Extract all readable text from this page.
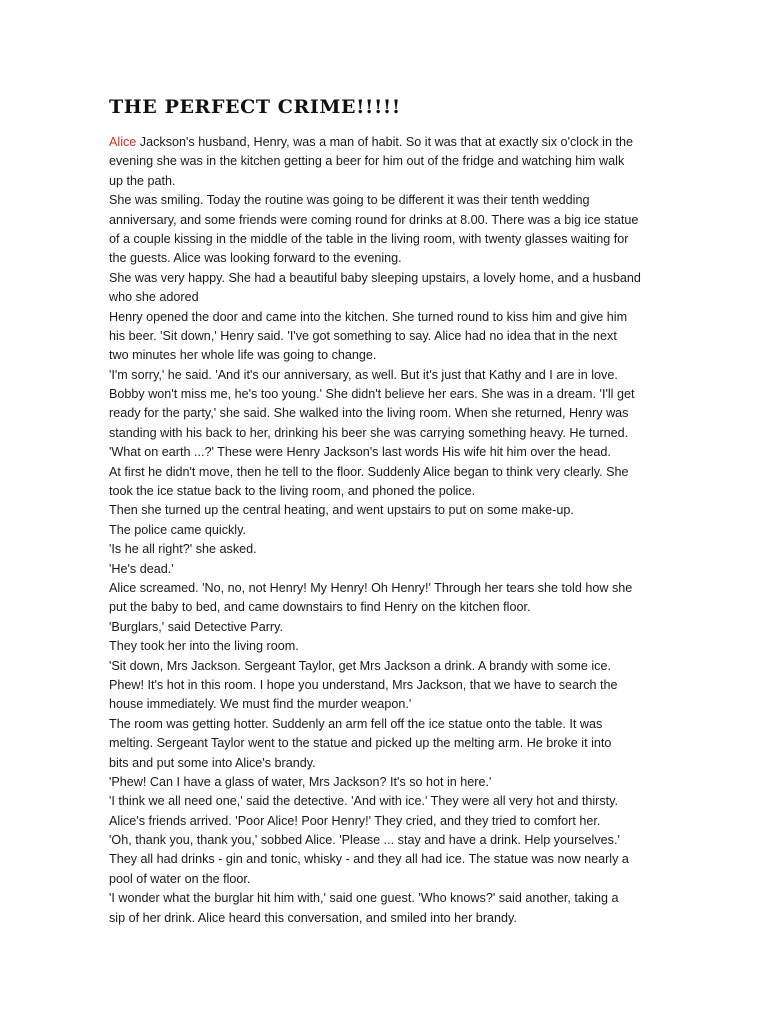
THE PERFECT CRIME!!!!!
Alice Jackson's husband, Henry, was a man of habit. So it was that at exactly six o'clock in the
evening she was in the kitchen getting a beer for him out of the fridge and watching him walk
up the path.
She was smiling. Today the routine was going to be different it was their tenth wedding
anniversary, and some friends were coming round for drinks at 8.00. There was a big ice statue
of a couple kissing in the middle of the table in the living room, with twenty glasses waiting for
the guests. Alice was looking forward to the evening.
She was very happy. She had a beautiful baby sleeping upstairs, a lovely home, and a husband
who she adored
Henry opened the door and came into the kitchen. She turned round to kiss him and give him
his beer. 'Sit down,' Henry said. 'I've got something to say. Alice had no idea that in the next
two minutes her whole life was going to change.
'I'm sorry,' he said. 'And it's our anniversary, as well. But it's just that Kathy and I are in love.
Bobby won't miss me, he's too young.' She didn't believe her ears. She was in a dream. 'I'll get
ready for the party,' she said. She walked into the living room. When she returned, Henry was
standing with his back to her, drinking his beer she was carrying something heavy. He turned.
'What on earth ...?' These were Henry Jackson's last words His wife hit him over the head.
At first he didn't move, then he tell to the floor. Suddenly Alice began to think very clearly. She
took the ice statue back to the living room, and phoned the police.
Then she turned up the central heating, and went upstairs to put on some make-up.
The police came quickly.
'Is he all right?' she asked.
'He's dead.'
Alice screamed. 'No, no, not Henry! My Henry! Oh Henry!' Through her tears she told how she
put the baby to bed, and came downstairs to find Henry on the kitchen floor.
'Burglars,' said Detective Parry.
They took her into the living room.
'Sit down, Mrs Jackson. Sergeant Taylor, get Mrs Jackson a drink. A brandy with some ice.
Phew! It's hot in this room. I hope you understand, Mrs Jackson, that we have to search the
house immediately. We must find the murder weapon.'
The room was getting hotter. Suddenly an arm fell off the ice statue onto the table. It was
melting. Sergeant Taylor went to the statue and picked up the melting arm. He broke it into
bits and put some into Alice's brandy.
'Phew! Can I have a glass of water, Mrs Jackson? It's so hot in here.'
'I think we all need one,' said the detective. 'And with ice.' They were all very hot and thirsty.
Alice's friends arrived. 'Poor Alice! Poor Henry!' They cried, and they tried to comfort her.
'Oh, thank you, thank you,' sobbed Alice. 'Please ... stay and have a drink. Help yourselves.'
They all had drinks - gin and tonic, whisky - and they all had ice. The statue was now nearly a
pool of water on the floor.
'I wonder what the burglar hit him with,' said one guest. 'Who knows?' said another, taking a
sip of her drink. Alice heard this conversation, and smiled into her brandy.
